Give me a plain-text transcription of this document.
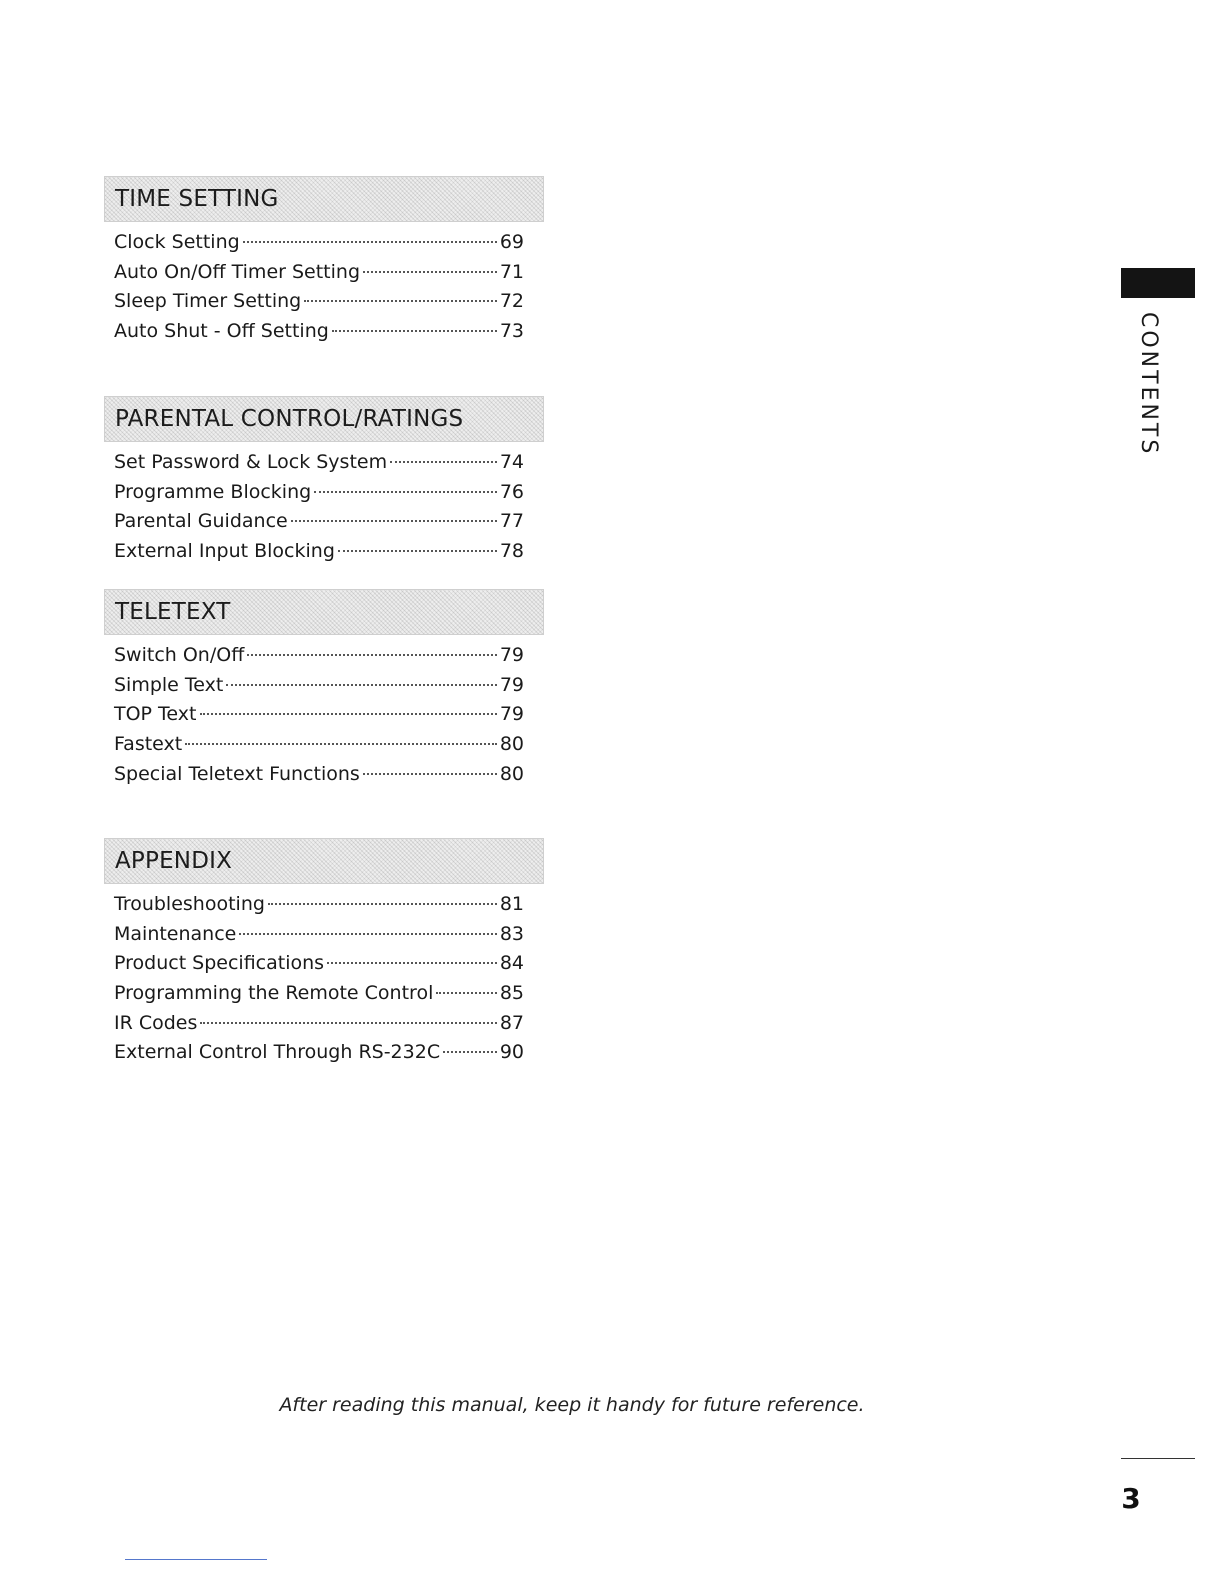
TIME SETTING
Clock Setting	69
Auto On/Off Timer Setting	71
Sleep Timer Setting	72
Auto Shut - Off Setting	73
PARENTAL CONTROL/RATINGS
Set Password & Lock System	74
Programme Blocking	76
Parental Guidance	77
External Input Blocking	78
TELETEXT
Switch On/Off	79
Simple Text	79
TOP Text	79
Fastext	80
Special Teletext Functions	80
APPENDIX
Troubleshooting	81
Maintenance	83
Product Specifications	84
Programming the Remote Control	85
IR Codes	87
External Control Through RS-232C	90
CONTENTS
After reading this manual, keep it handy for future reference.
3
